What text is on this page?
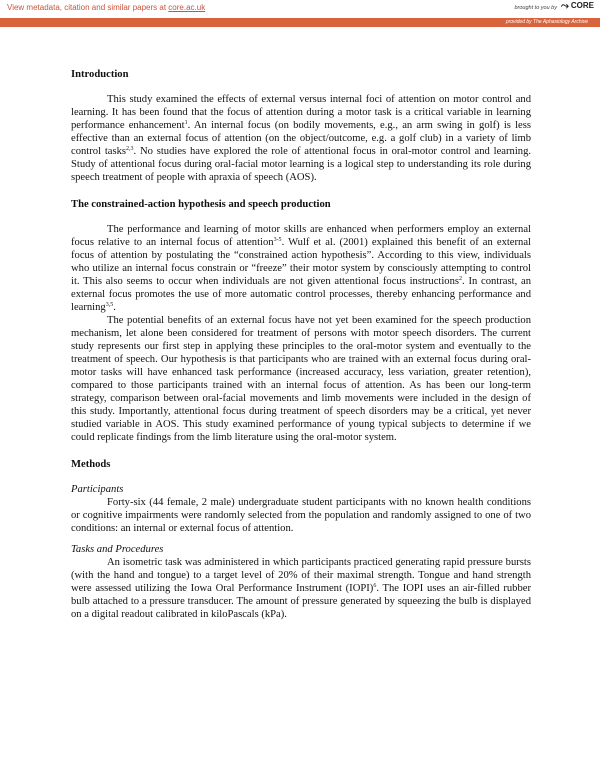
View metadata, citation and similar papers at core.ac.uk	brought to you by ⤳ CORE
provided by The Aphasiology Archive
Introduction

This study examined the effects of external versus internal foci of attention on motor control and learning. It has been found that the focus of attention during a motor task is a critical variable in learning performance enhancement$^1$. An internal focus (on bodily movements, e.g., an arm swing in golf) is less effective than an external focus of attention (on the object/outcome, e.g. a golf club) in a variety of limb control tasks$^{2,3}$. No studies have explored the role of attentional focus in oral-motor control and learning. Study of attentional focus during oral-facial motor learning is a logical step to understanding its role during speech treatment of people with apraxia of speech (AOS).

The constrained-action hypothesis and speech production

The performance and learning of motor skills are enhanced when performers employ an external focus relative to an internal focus of attention$^{3-5}$. Wulf et al. (2001) explained this benefit of an external focus of attention by postulating the “constrained action hypothesis”. According to this view, individuals who utilize an internal focus constrain or “freeze” their motor system by consciously attempting to control it. This also seems to occur when individuals are not given attentional focus instructions$^2$. In contrast, an external focus promotes the use of more automatic control processes, thereby enhancing performance and learning$^{3,5}$.

The potential benefits of an external focus have not yet been examined for the speech production mechanism, let alone been considered for treatment of persons with motor speech disorders. The current study represents our first step in applying these principles to the oral-motor system and eventually to the treatment of speech. Our hypothesis is that participants who are trained with an external focus during oral-motor tasks will have enhanced task performance (increased accuracy, less variation, greater retention), compared to those participants trained with an internal focus of attention. As has been our long-term strategy, comparison between oral-facial movements and limb movements were included in the design of this study. Importantly, attentional focus during treatment of speech disorders may be a critical, yet never studied variable in AOS. This study examined performance of young typical subjects to determine if we could replicate findings from the limb literature using the oral-motor system.

Methods
Participants

Forty-six (44 female, 2 male) undergraduate student participants with no known health conditions or cognitive impairments were randomly selected from the population and randomly assigned to one of two conditions: an internal or external focus of attention.

Tasks and Procedures

An isometric task was administered in which participants practiced generating rapid pressure bursts (with the hand and tongue) to a target level of 20% of their maximal strength. Tongue and hand strength were assessed utilizing the Iowa Oral Performance Instrument (IOPI)$^6$. The IOPI uses an air-filled rubber bulb attached to a pressure transducer. The amount of pressure generated by squeezing the bulb is displayed on a digital readout calibrated in kiloPascals (kPa).
